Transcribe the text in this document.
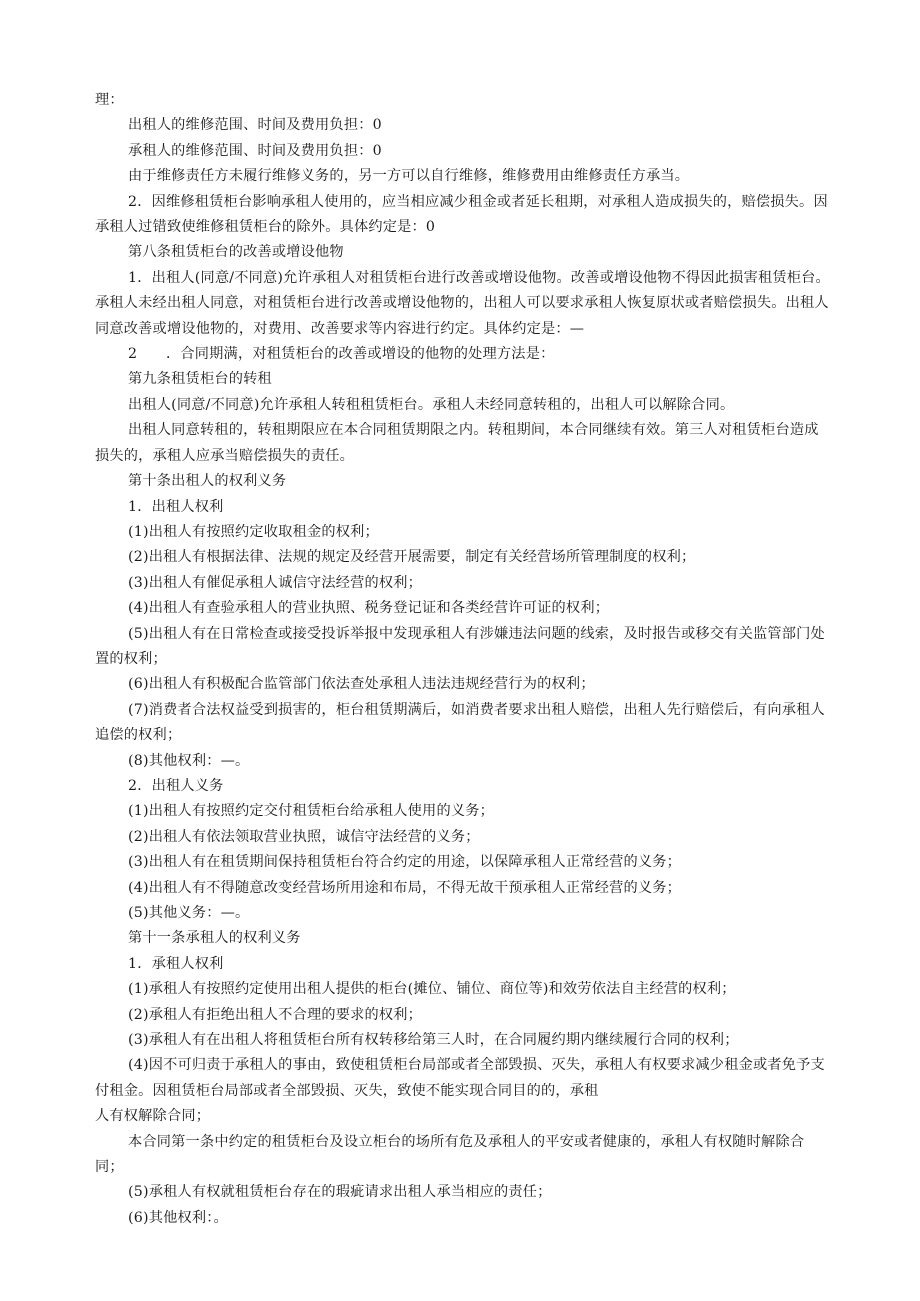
理：

出租人的维修范围、时间及费用负担：0

承租人的维修范围、时间及费用负担：0

由于维修责任方未履行维修义务的，另一方可以自行维修，维修费用由维修责任方承当。

2．因维修租赁柜台影响承租人使用的，应当相应减少租金或者延长租期，对承租人造成损失的，赔偿损失。因承租人过错致使维修租赁柜台的除外。具体约定是：0

第八条租赁柜台的改善或增设他物

1．出租人(同意/不同意)允许承租人对租赁柜台进行改善或增设他物。改善或增设他物不得因此损害租赁柜台。承租人未经出租人同意，对租赁柜台进行改善或增设他物的，出租人可以要求承租人恢复原状或者赔偿损失。出租人同意改善或增设他物的，对费用、改善要求等内容进行约定。具体约定是：—

2　　．合同期满，对租赁柜台的改善或增设的他物的处理方法是：

第九条租赁柜台的转租

出租人(同意/不同意)允许承租人转租租赁柜台。承租人未经同意转租的，出租人可以解除合同。

出租人同意转租的，转租期限应在本合同租赁期限之内。转租期间，本合同继续有效。第三人对租赁柜台造成损失的，承租人应承当赔偿损失的责任。

第十条出租人的权利义务

1．出租人权利

(1)出租人有按照约定收取租金的权利；

(2)出租人有根据法律、法规的规定及经营开展需要，制定有关经营场所管理制度的权利；

(3)出租人有催促承租人诚信守法经营的权利；

(4)出租人有查验承租人的营业执照、税务登记证和各类经营许可证的权利；

(5)出租人有在日常检查或接受投诉举报中发现承租人有涉嫌违法问题的线索，及时报告或移交有关监管部门处置的权利；

(6)出租人有积极配合监管部门依法查处承租人违法违规经营行为的权利；

(7)消费者合法权益受到损害的，柜台租赁期满后，如消费者要求出租人赔偿，出租人先行赔偿后，有向承租人追偿的权利；

(8)其他权利：—。

2．出租人义务

(1)出租人有按照约定交付租赁柜台给承租人使用的义务；

(2)出租人有依法领取营业执照，诚信守法经营的义务；

(3)出租人有在租赁期间保持租赁柜台符合约定的用途，以保障承租人正常经营的义务；

(4)出租人有不得随意改变经营场所用途和布局，不得无故干预承租人正常经营的义务；

(5)其他义务：—。

第十一条承租人的权利义务

1．承租人权利

(1)承租人有按照约定使用出租人提供的柜台(摊位、铺位、商位等)和效劳依法自主经营的权利；

(2)承租人有拒绝出租人不合理的要求的权利；

(3)承租人有在出租人将租赁柜台所有权转移给第三人时，在合同履约期内继续履行合同的权利；

(4)因不可归责于承租人的事由，致使租赁柜台局部或者全部毁损、灭失，承租人有权要求减少租金或者免予支付租金。因租赁柜台局部或者全部毁损、灭失，致使不能实现合同目的的，承租

人有权解除合同；

本合同第一条中约定的租赁柜台及设立柜台的场所有危及承租人的平安或者健康的，承租人有权随时解除合同；

(5)承租人有权就租赁柜台存在的瑕疵请求出租人承当相应的责任；

(6)其他权利：。
